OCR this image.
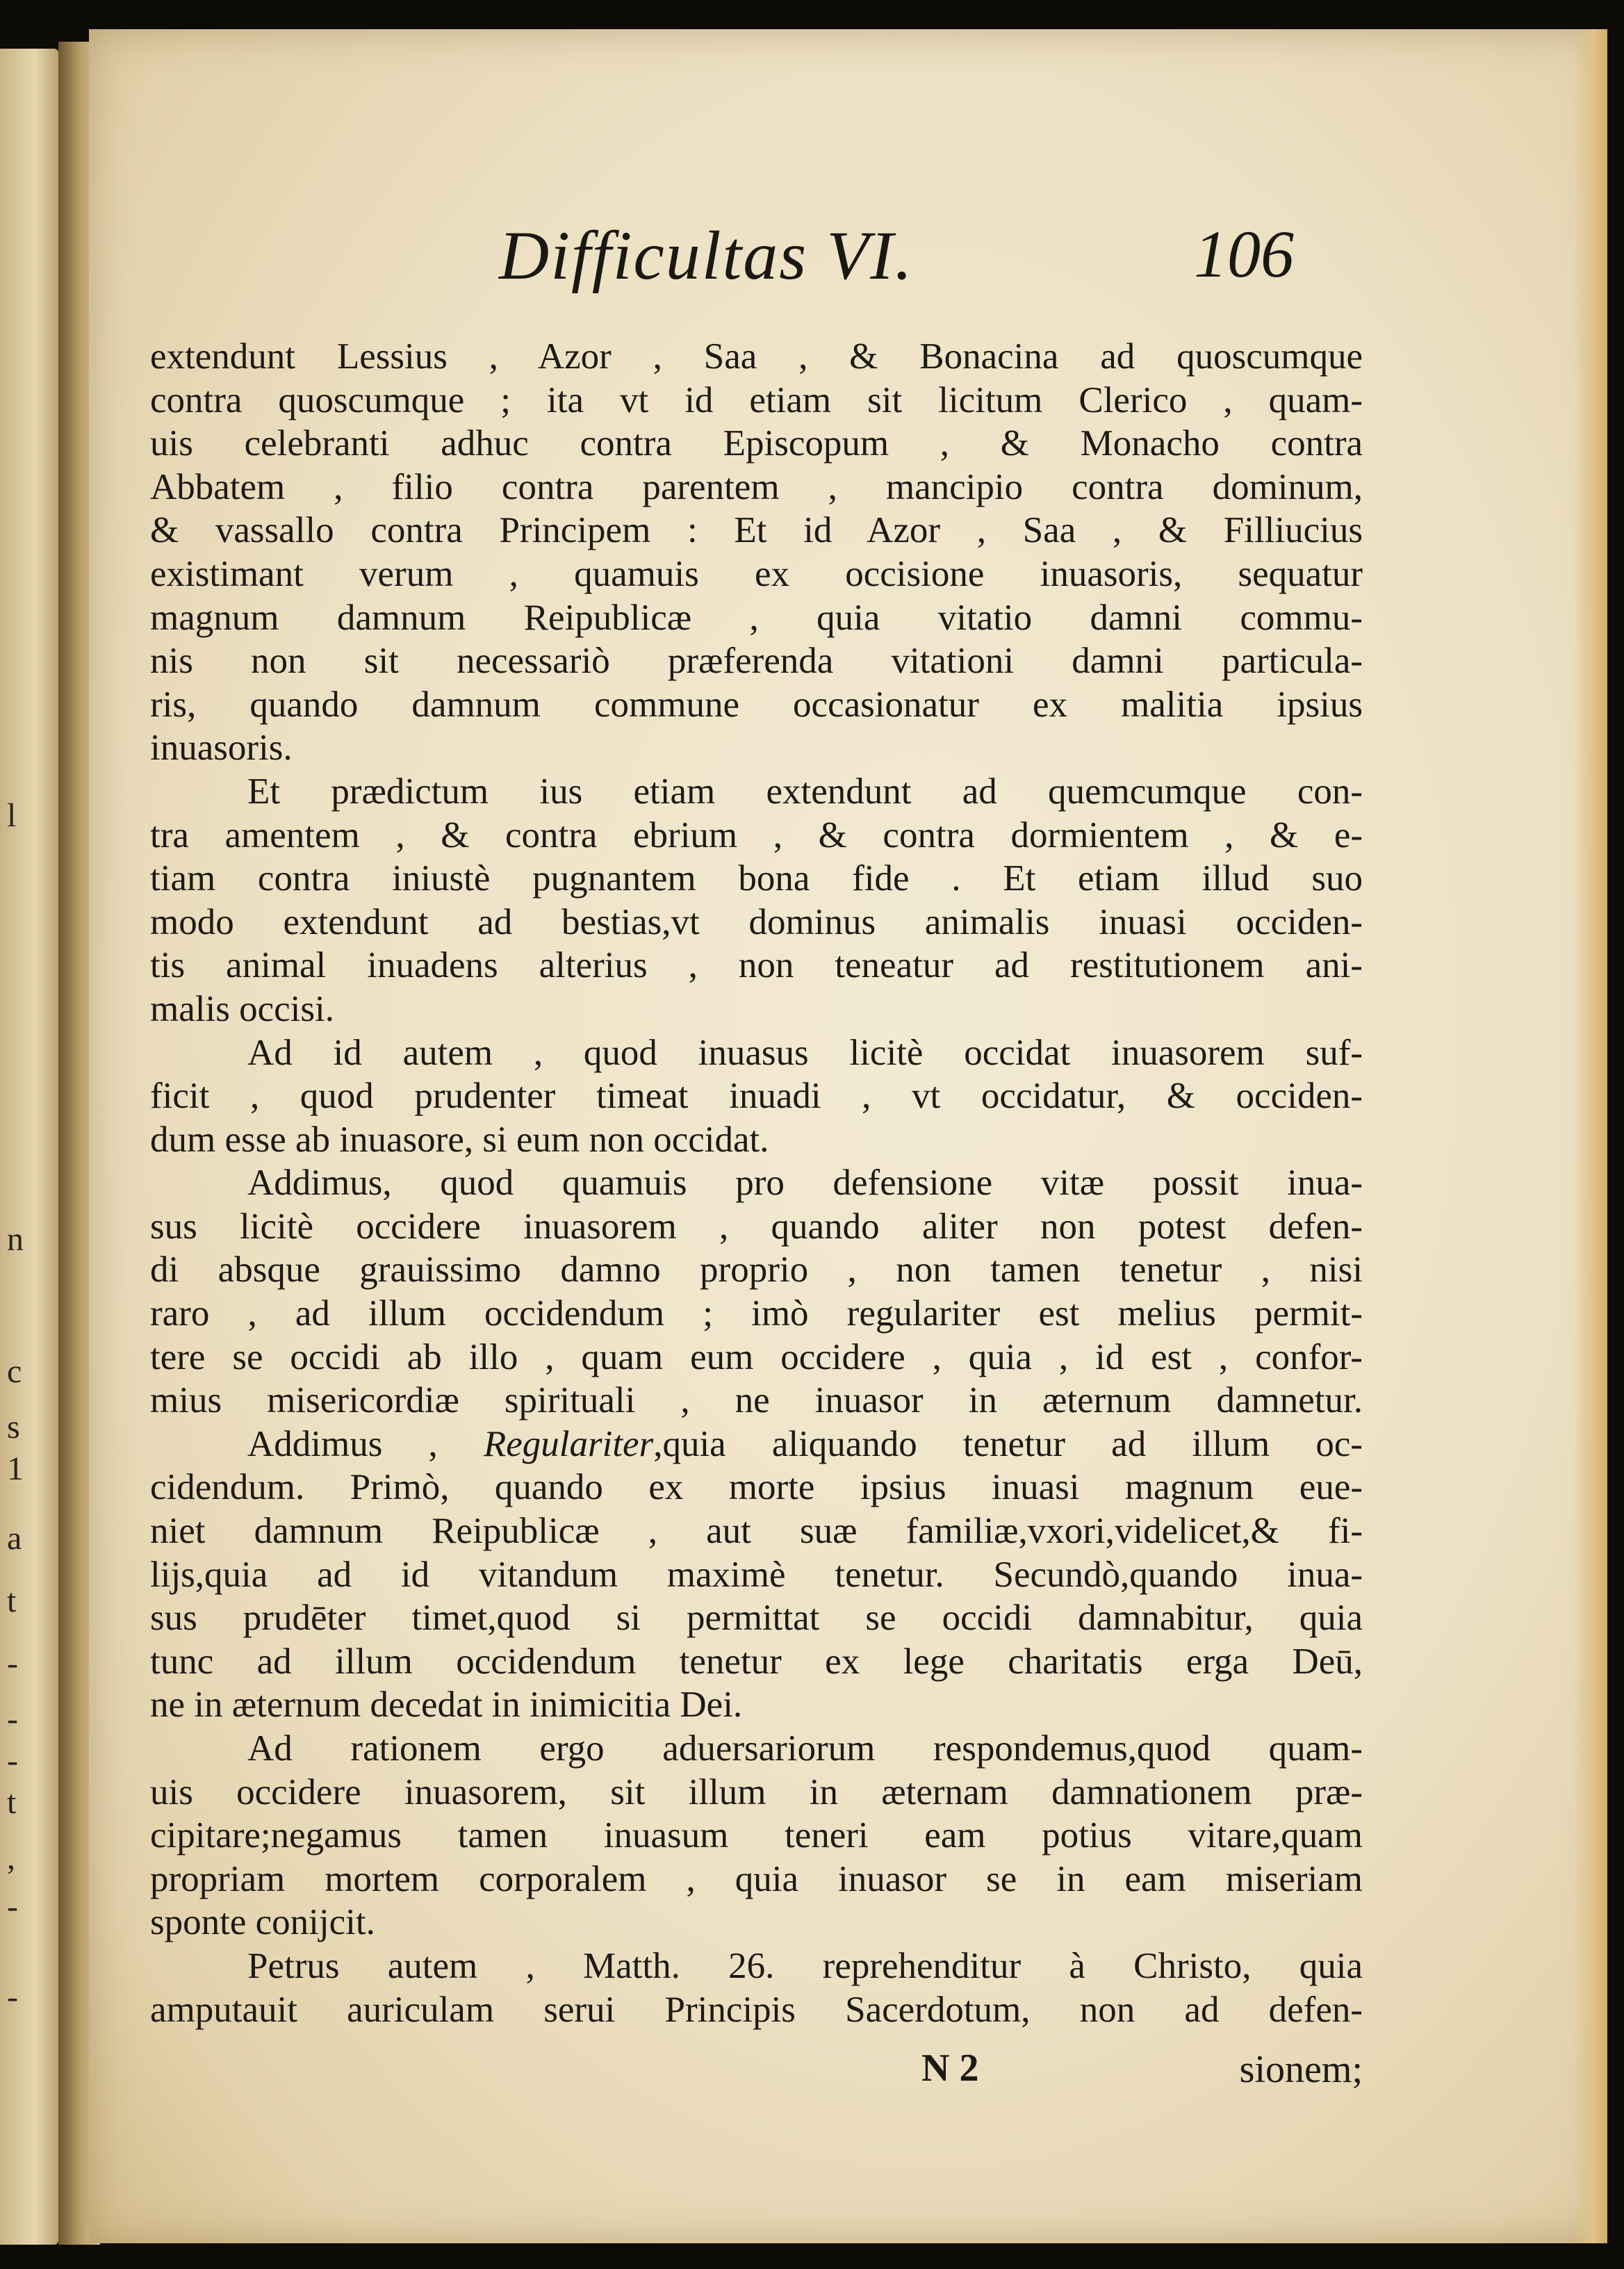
l
n
c
s
1
a
t
-
-
-
t
,
-
-
Difficultas VI.	106

extendunt Lessius , Azor , Saa , & Bonacina ad quoscumque
contra quoscumque ; ita vt id etiam sit licitum Clerico , quam-
uis celebranti adhuc contra Episcopum , & Monacho contra
Abbatem , filio contra parentem , mancipio contra dominum,
& vassallo contra Principem : Et id Azor , Saa , & Filliucius
existimant verum , quamuis ex occisione inuasoris, sequatur
magnum damnum Reipublicæ , quia vitatio damni commu-
nis non sit necessariò præferenda vitationi damni particula-
ris, quando damnum commune occasionatur ex malitia ipsius
inuasoris.

Et prædictum ius etiam extendunt ad quemcumque con-
tra amentem , & contra ebrium , & contra dormientem , & e-
tiam contra iniustè pugnantem bona fide . Et etiam illud suo
modo extendunt ad bestias,vt dominus animalis inuasi occiden-
tis animal inuadens alterius , non teneatur ad restitutionem ani-
malis occisi.

Ad id autem , quod inuasus licitè occidat inuasorem suf-
ficit , quod prudenter timeat inuadi , vt occidatur, & occiden-
dum esse ab inuasore, si eum non occidat.

Addimus, quod quamuis pro defensione vitæ possit inua-
sus licitè occidere inuasorem , quando aliter non potest defen-
di absque grauissimo damno proprio , non tamen tenetur , nisi
raro , ad illum occidendum ; imò regulariter est melius permit-
tere se occidi ab illo , quam eum occidere , quia , id est , confor-
mius misericordiæ spirituali , ne inuasor in æternum damnetur.

Addimus , Regulariter,quia aliquando tenetur ad illum oc-
cidendum. Primò, quando ex morte ipsius inuasi magnum eue-
niet damnum Reipublicæ , aut suæ familiæ,vxori,videlicet,& fi-
lijs,quia ad id vitandum maximè tenetur. Secundò,quando inua-
sus prudēter timet,quod si permittat se occidi damnabitur, quia
tunc ad illum occidendum tenetur ex lege charitatis erga Deū,
ne in æternum decedat in inimicitia Dei.

Ad rationem ergo aduersariorum respondemus,quod quam-
uis occidere inuasorem, sit illum in æternam damnationem præ-
cipitare;negamus tamen inuasum teneri eam potius vitare,quam
propriam mortem corporalem , quia inuasor se in eam miseriam
sponte conijcit.

Petrus autem , Matth. 26. reprehenditur à Christo, quia
amputauit auriculam serui Principis Sacerdotum, non ad defen-

N 2	sionem;
